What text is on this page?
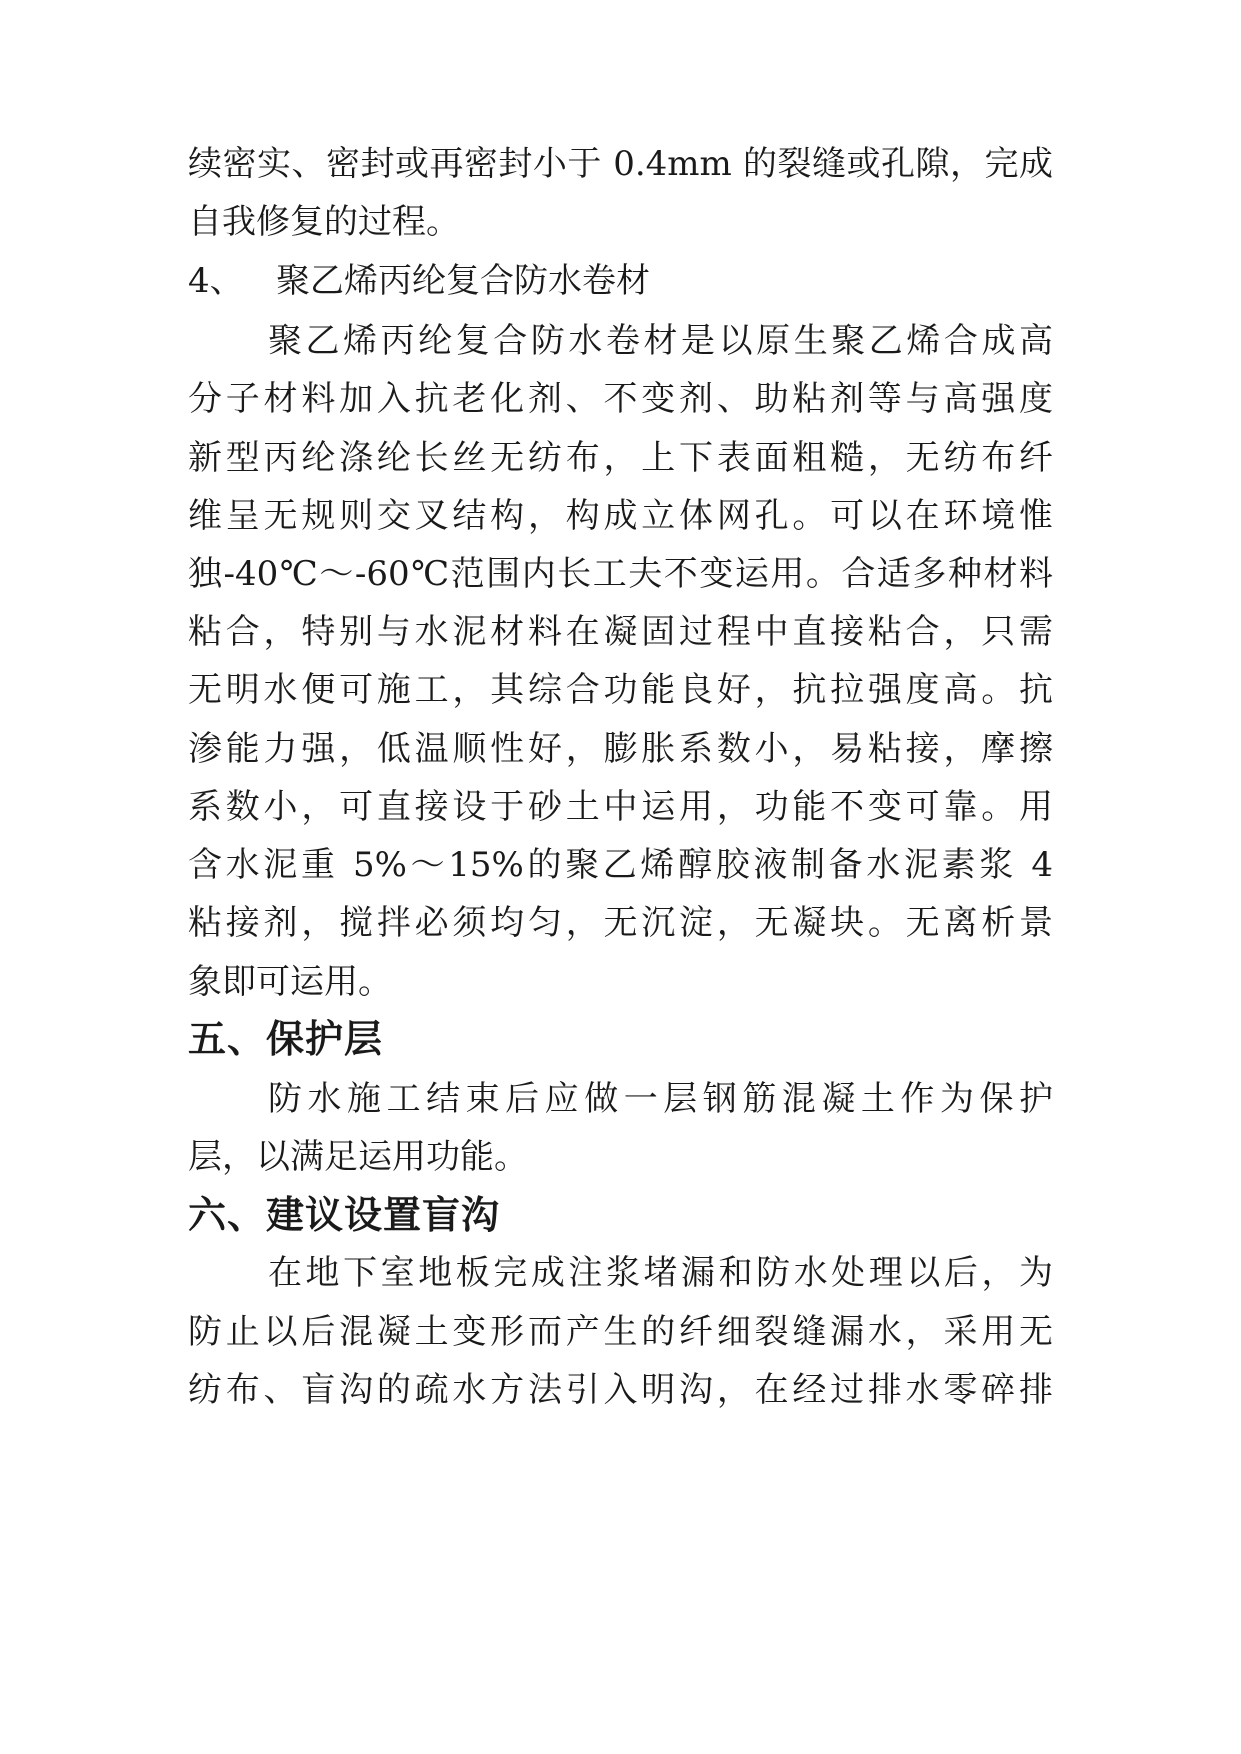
续密实、密封或再密封小于 0.4mm 的裂缝或孔隙，完成
自我修复的过程。
4、 聚乙烯丙纶复合防水卷材
聚乙烯丙纶复合防水卷材是以原生聚乙烯合成高
分子材料加入抗老化剂、不变剂、助粘剂等与高强度
新型丙纶涤纶长丝无纺布，上下表面粗糙，无纺布纤
维呈无规则交叉结构，构成立体网孔。可以在环境惟
独-40℃～-60℃范围内长工夫不变运用。合适多种材料
粘合，特别与水泥材料在凝固过程中直接粘合，只需
无明水便可施工，其综合功能良好，抗拉强度高。抗
渗能力强，低温顺性好，膨胀系数小，易粘接，摩擦
系数小，可直接设于砂土中运用，功能不变可靠。用
含水泥重 5%～15%的聚乙烯醇胶液制备水泥素浆 4
粘接剂，搅拌必须均匀，无沉淀，无凝块。无离析景
象即可运用。
五、保护层
防水施工结束后应做一层钢筋混凝土作为保护
层，以满足运用功能。
六、建议设置盲沟
在地下室地板完成注浆堵漏和防水处理以后，为
防止以后混凝土变形而产生的纤细裂缝漏水，采用无
纺布、盲沟的疏水方法引入明沟，在经过排水零碎排
